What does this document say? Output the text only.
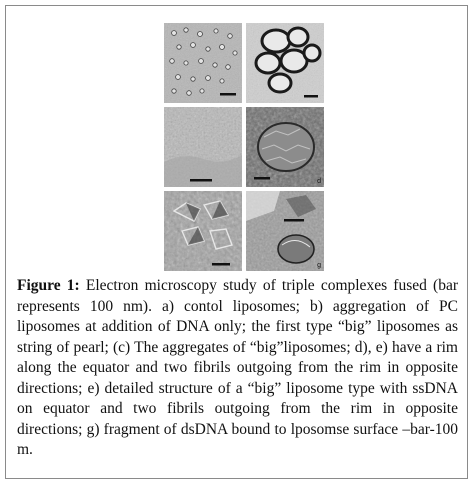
d
g
Figure 1: Electron microscopy study of triple complexes fused (bar represents 100 nm). a) contol liposomes; b) aggregation of PC liposomes at addition of DNA only; the first type “big” liposomes as string of pearl; (c) The aggregates of “big”liposomes; d), e) have a rim along the equator and two fibrils outgoing from the rim in opposite directions; e) detailed structure of a “big” liposome type with ssDNA on equator and two fibrils outgoing from the rim in opposite directions; g) fragment of dsDNA bound to lposomse surface –bar-100 m.
